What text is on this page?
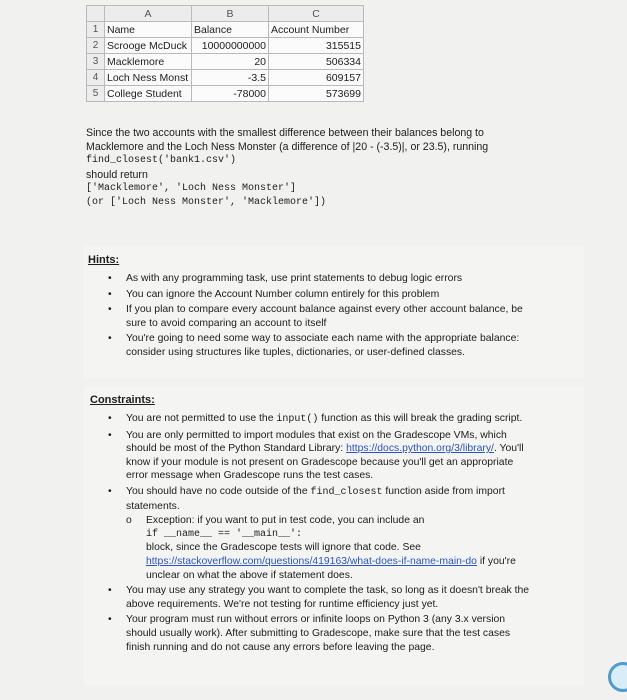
	A	B	C
1	Name	Balance	Account Number
2	Scrooge McDuck	10000000000	315515
3	Macklemore	20	506334
4	Loch Ness Monst	-3.5	609157
5	College Student	-78000	573699
Since the two accounts with the smallest difference between their balances belong to
Macklemore and the Loch Ness Monster (a difference of |20 - (-3.5)|, or 23.5), running
find_closest('bank1.csv')
should return
['Macklemore', 'Loch Ness Monster']
(or ['Loch Ness Monster', 'Macklemore'])
Hints:
• As with any programming task, use print statements to debug logic errors
• You can ignore the Account Number column entirely for this problem
• If you plan to compare every account balance against every other account balance, be
sure to avoid comparing an account to itself
• You're going to need some way to associate each name with the appropriate balance:
consider using structures like tuples, dictionaries, or user-defined classes.
Constraints:
• You are not permitted to use the input() function as this will break the grading script.
• You are only permitted to import modules that exist on the Gradescope VMs, which
should be most of the Python Standard Library: https://docs.python.org/3/library/. You'll
know if your module is not present on Gradescope because you'll get an appropriate
error message when Gradescope runs the test cases.
• You should have no code outside of the find_closest function aside from import
statements.
o Exception: if you want to put in test code, you can include an
if __name__ == '__main__':
block, since the Gradescope tests will ignore that code. See
https://stackoverflow.com/questions/419163/what-does-if-name-main-do if you're
unclear on what the above if statement does.
• You may use any strategy you want to complete the task, so long as it doesn't break the
above requirements. We're not testing for runtime efficiency just yet.
• Your program must run without errors or infinite loops on Python 3 (any 3.x version
should usually work). After submitting to Gradescope, make sure that the test cases
finish running and do not cause any errors before leaving the page.
